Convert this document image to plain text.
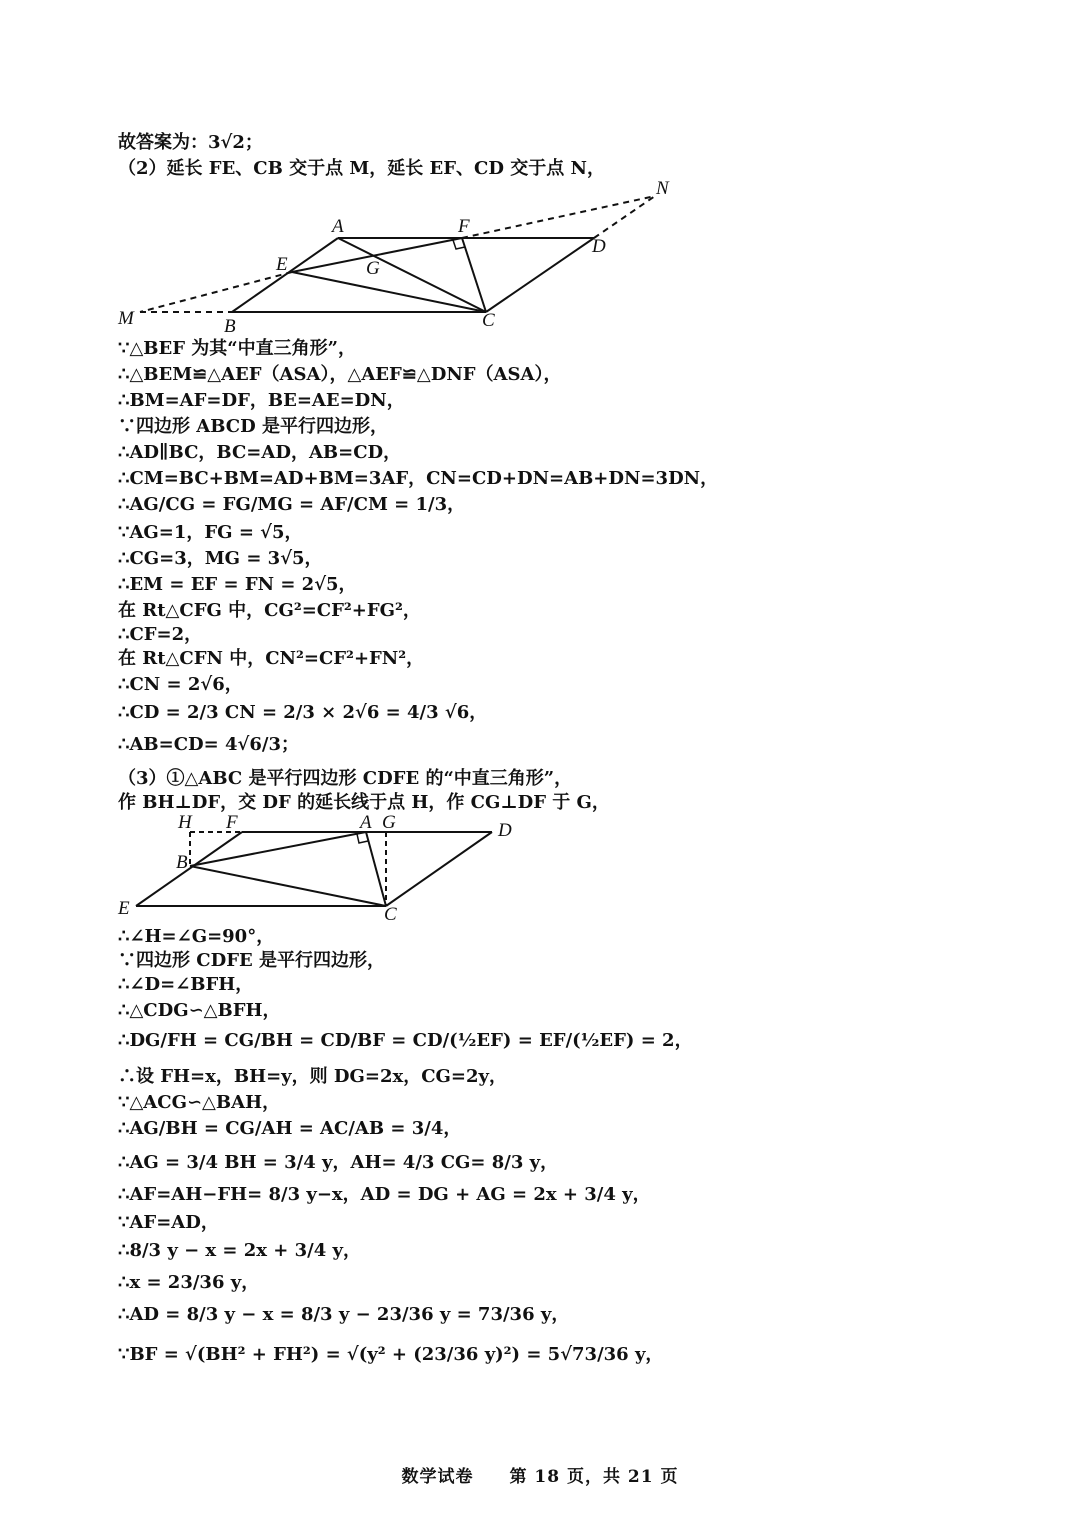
故答案为：3√2；
（2）延长 FE、CB 交于点 M，延长 EF、CD 交于点 N，
A	F
N
D
E	G
M	B	C
∵△BEF 为其“中直三角形”，
∴△BEM≌△AEF（ASA），△AEF≌△DNF（ASA），
∴BM=AF=DF，BE=AE=DN，
∵四边形 ABCD 是平行四边形，
∴AD∥BC，BC=AD，AB=CD，
∴CM=BC+BM=AD+BM=3AF，CN=CD+DN=AB+DN=3DN，
∴AG/CG = FG/MG = AF/CM = 1/3，
∵AG=1，FG = √5，
∴CG=3，MG = 3√5，
∴EM = EF = FN = 2√5，
在 Rt△CFG 中，CG²=CF²+FG²，
∴CF=2，
在 Rt△CFN 中，CN²=CF²+FN²，
∴CN = 2√6，
∴CD = 2/3 CN = 2/3 × 2√6 = 4/3 √6，
∴AB=CD= 4√6/3；
（3）①△ABC 是平行四边形 CDFE 的“中直三角形”，
作 BH⊥DF，交 DF 的延长线于点 H，作 CG⊥DF 于 G，
H F	A G	D
B
E	C
∴∠H=∠G=90°，
∵四边形 CDFE 是平行四边形，
∴∠D=∠BFH，
∴△CDG∽△BFH，
∴DG/FH = CG/BH = CD/BF = CD/(½EF) = EF/(½EF) = 2，
∴设 FH=x，BH=y，则 DG=2x，CG=2y，
∵△ACG∽△BAH，
∴AG/BH = CG/AH = AC/AB = 3/4，
∴AG = 3/4 BH = 3/4 y，AH= 4/3 CG= 8/3 y，
∴AF=AH−FH= 8/3 y−x，AD = DG + AG = 2x + 3/4 y，
∵AF=AD，
∴8/3 y − x = 2x + 3/4 y，
∴x = 23/36 y，
∴AD = 8/3 y − x = 8/3 y − 23/36 y = 73/36 y，
∵BF = √(BH² + FH²) = √(y² + (23/36 y)²) = 5√73/36 y，
数学试卷　　第 18 页，共 21 页
